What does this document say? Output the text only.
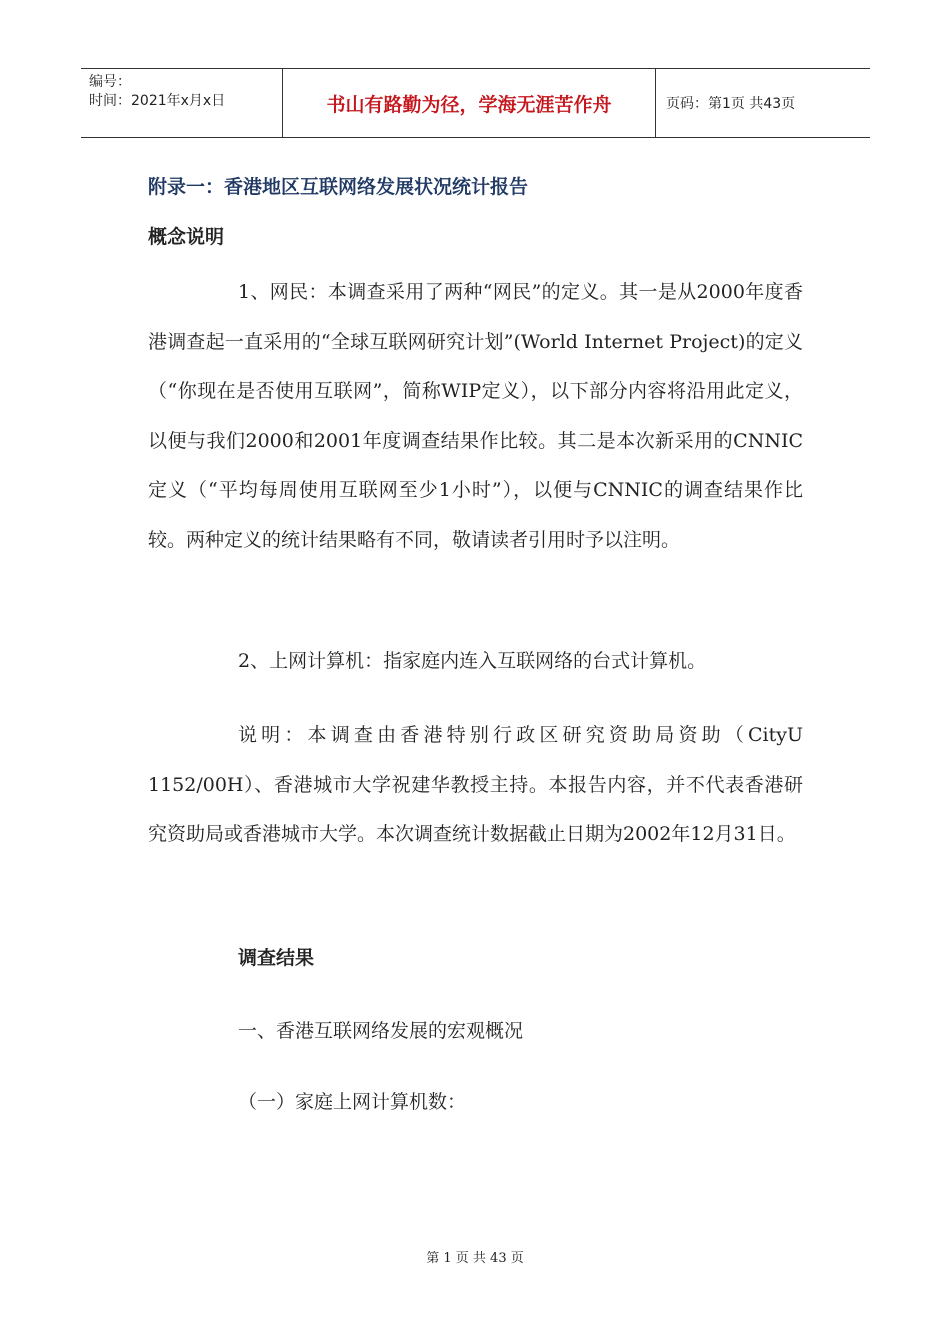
编号：
时间：2021年x月x日	书山有路勤为径，学海无涯苦作舟	页码：第1页 共43页
附录一：香港地区互联网络发展状况统计报告
概念说明

1、网民：本调查采用了两种“网民”的定义。其一是从2000年度香港调查起一直采用的“全球互联网研究计划”(World Internet Project)的定义（“你现在是否使用互联网”，简称WIP定义），以下部分内容将沿用此定义，以便与我们2000和2001年度调查结果作比较。其二是本次新采用的CNNIC定义（“平均每周使用互联网至少1小时”），以便与CNNIC的调查结果作比较。两种定义的统计结果略有不同，敬请读者引用时予以注明。

2、上网计算机：指家庭内连入互联网络的台式计算机。

说明：本调查由香港特别行政区研究资助局资助（CityU 1152/00H）、香港城市大学祝建华教授主持。本报告内容，并不代表香港研究资助局或香港城市大学。本次调查统计数据截止日期为2002年12月31日。

调查结果
一、香港互联网络发展的宏观概况
（一）家庭上网计算机数：
第 1 页 共 43 页
